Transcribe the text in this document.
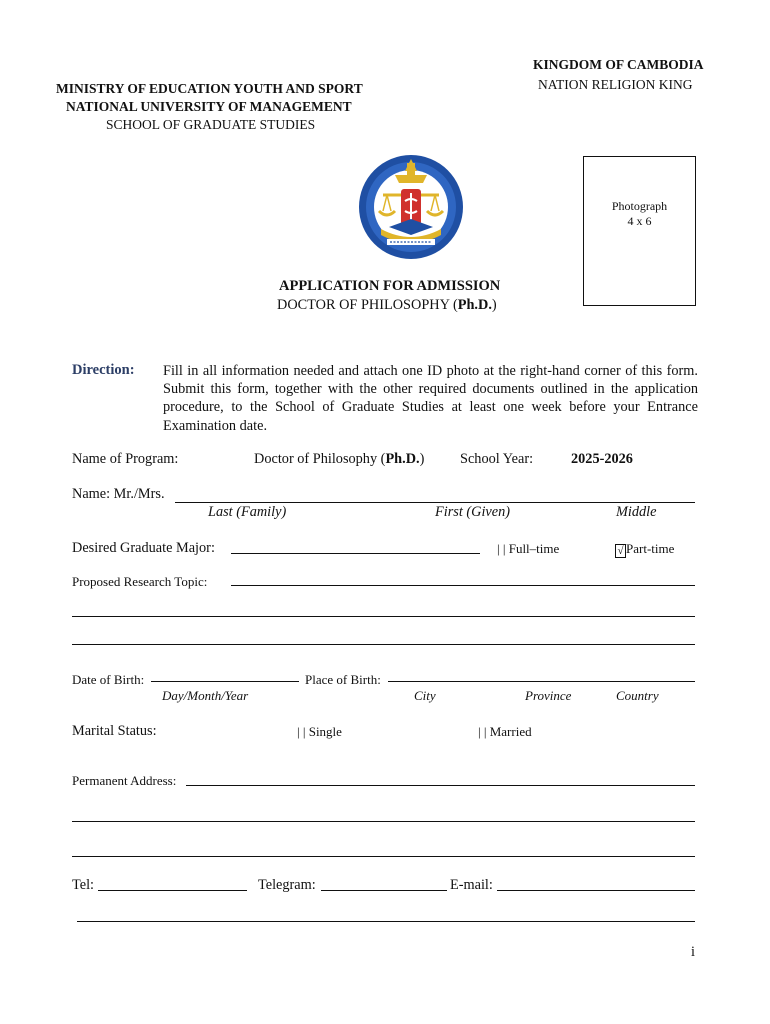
KINGDOM OF CAMBODIA
NATION RELIGION KING
MINISTRY OF EDUCATION YOUTH AND SPORT
NATIONAL UNIVERSITY OF MANAGEMENT
SCHOOL OF GRADUATE STUDIES
Photograph
4 x 6
APPLICATION FOR ADMISSION
DOCTOR OF PHILOSOPHY (Ph.D.)
Direction: Fill in all information needed and attach one ID photo at the right-hand corner of this form. Submit this form, together with the other required documents outlined in the application procedure, to the School of Graduate Studies at least one week before your Entrance Examination date.
Name of Program:	Doctor of Philosophy (Ph.D.) School Year:	2025-2026
Name: Mr./Mrs.
Last (Family)	First (Given)	Middle
Desired Graduate Major:	| | Full–time	√ Part-time
Proposed Research Topic:
Date of Birth:	Place of Birth:
Day/Month/Year	City	Province	Country
Marital Status:	| | Single	| | Married
Permanent Address:
Tel:	Telegram:	E-mail:
i
